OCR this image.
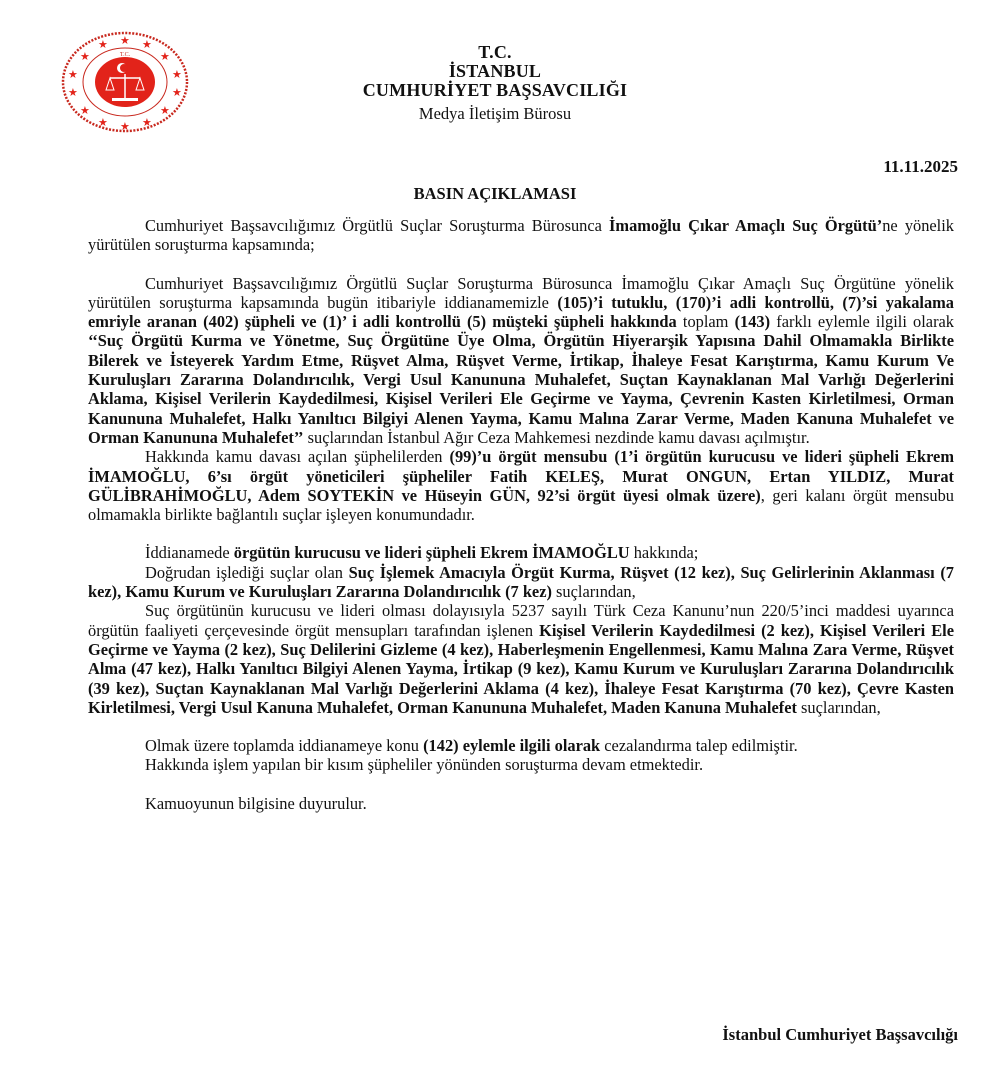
★
★	★
★	★
★	★
★	★
★	★
★	★
★
T.C.	T.C.
İSTANBUL
CUMHURİYET BAŞSAVCILIĞI
Medya İletişim Bürosu
11.11.2025
BASIN AÇIKLAMASI

Cumhuriyet Başsavcılığımız Örgütlü Suçlar Soruşturma Bürosunca İmamoğlu Çıkar Amaçlı Suç Örgütü’ne yönelik yürütülen soruşturma kapsamında;

Cumhuriyet Başsavcılığımız Örgütlü Suçlar Soruşturma Bürosunca İmamoğlu Çıkar Amaçlı Suç Örgütüne yönelik yürütülen soruşturma kapsamında bugün itibariyle iddianamemizle (105)’i tutuklu, (170)’i adli kontrollü, (7)’si yakalama emriyle aranan (402) şüpheli ve (1)’ i adli kontrollü (5) müşteki şüpheli hakkında toplam (143) farklı eylemle ilgili olarak ‘‘Suç Örgütü Kurma ve Yönetme, Suç Örgütüne Üye Olma, Örgütün Hiyerarşik Yapısına Dahil Olmamakla Birlikte Bilerek ve İsteyerek Yardım Etme, Rüşvet Alma, Rüşvet Verme, İrtikap, İhaleye Fesat Karıştırma, Kamu Kurum Ve Kuruluşları Zararına Dolandırıcılık, Vergi Usul Kanununa Muhalefet, Suçtan Kaynaklanan Mal Varlığı Değerlerini Aklama, Kişisel Verilerin Kaydedilmesi, Kişisel Verileri Ele Geçirme ve Yayma, Çevrenin Kasten Kirletilmesi, Orman Kanununa Muhalefet, Halkı Yanıltıcı Bilgiyi Alenen Yayma, Kamu Malına Zarar Verme, Maden Kanuna Muhalefet ve Orman Kanununa Muhalefet’’ suçlarından İstanbul Ağır Ceza Mahkemesi nezdinde kamu davası açılmıştır.

Hakkında kamu davası açılan şüphelilerden (99)’u örgüt mensubu (1’i örgütün kurucusu ve lideri şüpheli Ekrem İMAMOĞLU, 6’sı örgüt yöneticileri şüpheliler Fatih KELEŞ, Murat ONGUN, Ertan YILDIZ, Murat GÜLİBRAHİMOĞLU, Adem SOYTEKİN ve Hüseyin GÜN, 92’si örgüt üyesi olmak üzere), geri kalanı örgüt mensubu olmamakla birlikte bağlantılı suçlar işleyen konumundadır.

İddianamede örgütün kurucusu ve lideri şüpheli Ekrem İMAMOĞLU hakkında;

Doğrudan işlediği suçlar olan Suç İşlemek Amacıyla Örgüt Kurma, Rüşvet (12 kez), Suç Gelirlerinin Aklanması (7 kez), Kamu Kurum ve Kuruluşları Zararına Dolandırıcılık (7 kez) suçlarından,

Suç örgütünün kurucusu ve lideri olması dolayısıyla 5237 sayılı Türk Ceza Kanunu’nun 220/5’inci maddesi uyarınca örgütün faaliyeti çerçevesinde örgüt mensupları tarafından işlenen Kişisel Verilerin Kaydedilmesi (2 kez), Kişisel Verileri Ele Geçirme ve Yayma (2 kez), Suç Delilerini Gizleme (4 kez), Haberleşmenin Engellenmesi, Kamu Malına Zara Verme, Rüşvet Alma (47 kez), Halkı Yanıltıcı Bilgiyi Alenen Yayma, İrtikap (9 kez), Kamu Kurum ve Kuruluşları Zararına Dolandırıcılık (39 kez), Suçtan Kaynaklanan Mal Varlığı Değerlerini Aklama (4 kez), İhaleye Fesat Karıştırma (70 kez), Çevre Kasten Kirletilmesi, Vergi Usul Kanuna Muhalefet, Orman Kanununa Muhalefet, Maden Kanuna Muhalefet suçlarından,

Olmak üzere toplamda iddianameye konu (142) eylemle ilgili olarak cezalandırma talep edilmiştir.

Hakkında işlem yapılan bir kısım şüpheliler yönünden soruşturma devam etmektedir.

Kamuoyunun bilgisine duyurulur.

İstanbul Cumhuriyet Başsavcılığı
